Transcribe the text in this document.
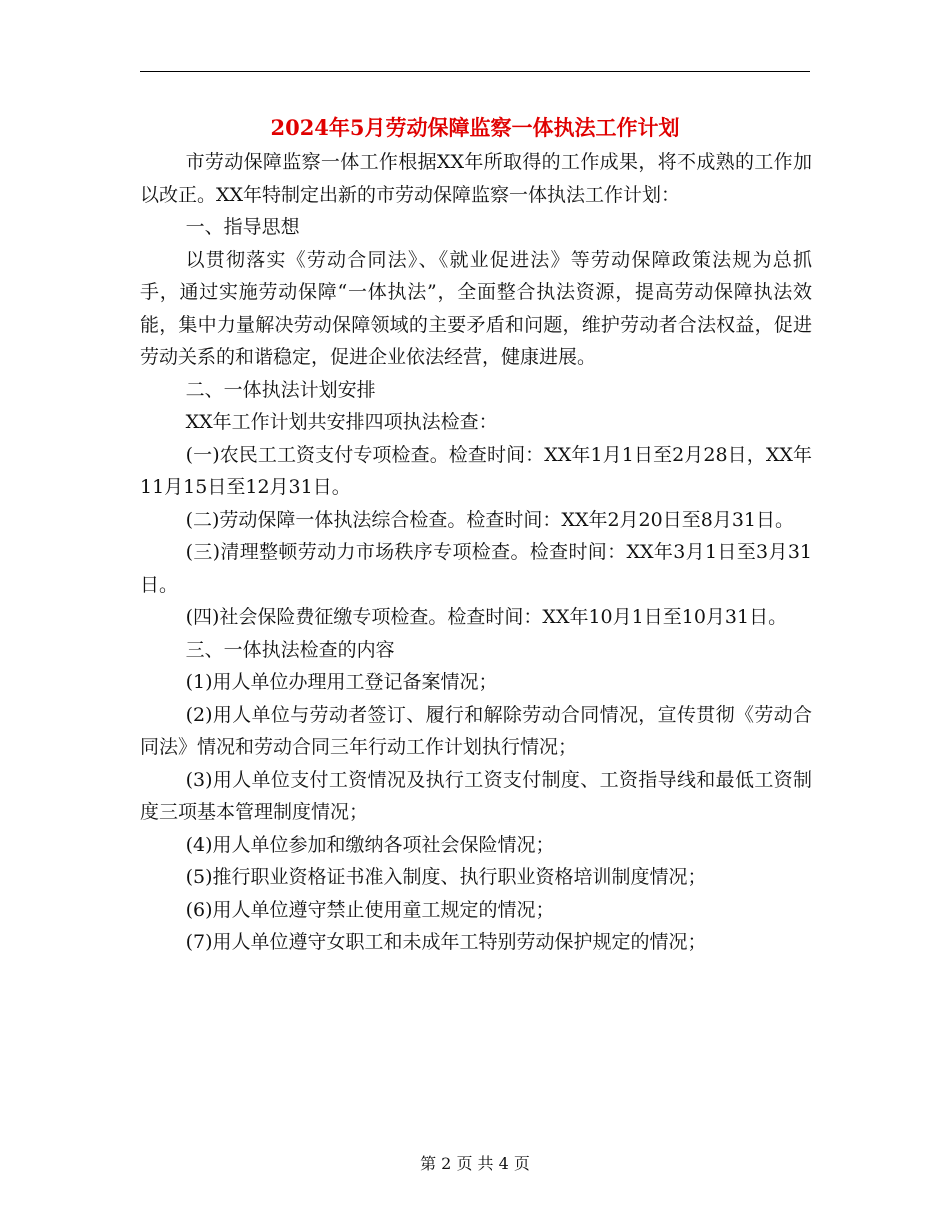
2024年5月劳动保障监察一体执法工作计划

市劳动保障监察一体工作根据XX年所取得的工作成果，将不成熟的工作加以改正。XX年特制定出新的市劳动保障监察一体执法工作计划：

一、指导思想

以贯彻落实《劳动合同法》、《就业促进法》等劳动保障政策法规为总抓手，通过实施劳动保障“一体执法”，全面整合执法资源，提高劳动保障执法效能，集中力量解决劳动保障领域的主要矛盾和问题，维护劳动者合法权益，促进劳动关系的和谐稳定，促进企业依法经营，健康进展。

二、一体执法计划安排

XX年工作计划共安排四项执法检查：

(一)农民工工资支付专项检查。检查时间：XX年1月1日至2月28日，XX年11月15日至12月31日。

(二)劳动保障一体执法综合检查。检查时间：XX年2月20日至8月31日。

(三)清理整顿劳动力市场秩序专项检查。检查时间：XX年3月1日至3月31日。

(四)社会保险费征缴专项检查。检查时间：XX年10月1日至10月31日。

三、一体执法检查的内容

(1)用人单位办理用工登记备案情况；

(2)用人单位与劳动者签订、履行和解除劳动合同情况，宣传贯彻《劳动合同法》情况和劳动合同三年行动工作计划执行情况；

(3)用人单位支付工资情况及执行工资支付制度、工资指导线和最低工资制度三项基本管理制度情况；

(4)用人单位参加和缴纳各项社会保险情况；

(5)推行职业资格证书准入制度、执行职业资格培训制度情况；

(6)用人单位遵守禁止使用童工规定的情况；

(7)用人单位遵守女职工和未成年工特别劳动保护规定的情况；

第 2 页 共 4 页
